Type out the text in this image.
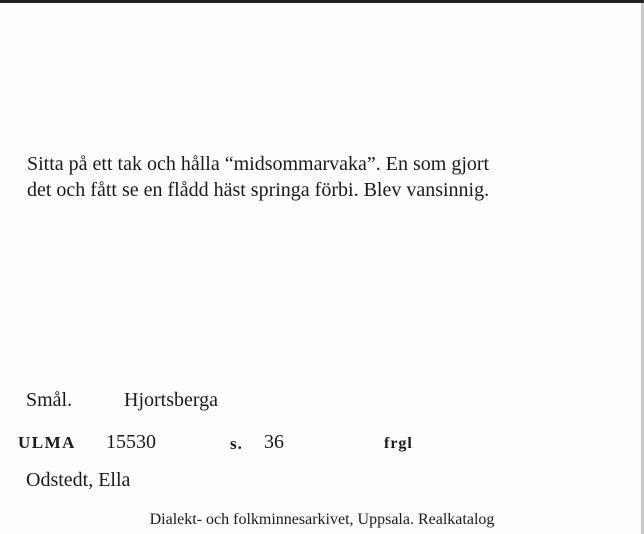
Sitta på ett tak och hålla “midsommarvaka”. En som gjort
det och fått se en flådd häst springa förbi. Blev vansinnig.
Smål.	Hjortsberga
ULMA 15530	s. 36	frgl
Odstedt, Ella
Dialekt- och folkminnesarkivet, Uppsala. Realkatalog
